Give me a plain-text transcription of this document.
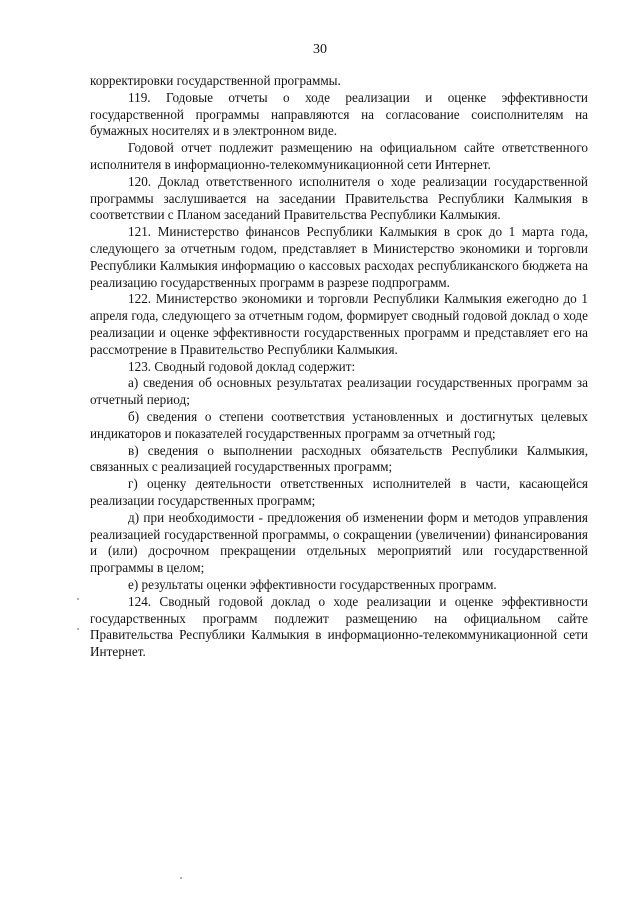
30

корректировки государственной программы.

119. Годовые отчеты о ходе реализации и оценке эффективности государственной программы направляются на согласование соисполнителям на бумажных носителях и в электронном виде.

Годовой отчет подлежит размещению на официальном сайте ответственного исполнителя в информационно-телекоммуникационной сети Интернет.

120. Доклад ответственного исполнителя о ходе реализации государственной программы заслушивается на заседании Правительства Республики Калмыкия в соответствии с Планом заседаний Правительства Республики Калмыкия.

121. Министерство финансов Республики Калмыкия в срок до 1 марта года, следующего за отчетным годом, представляет в Министерство экономики и торговли Республики Калмыкия информацию о кассовых расходах республиканского бюджета на реализацию государственных программ в разрезе подпрограмм.

122. Министерство экономики и торговли Республики Калмыкия ежегодно до 1 апреля года, следующего за отчетным годом, формирует сводный годовой доклад о ходе реализации и оценке эффективности государственных программ и представляет его на рассмотрение в Правительство Республики Калмыкия.

123. Сводный годовой доклад содержит:

а) сведения об основных результатах реализации государственных программ за отчетный период;

б) сведения о степени соответствия установленных и достигнутых целевых индикаторов и показателей государственных программ за отчетный год;

в) сведения о выполнении расходных обязательств Республики Калмыкия, связанных с реализацией государственных программ;

г) оценку деятельности ответственных исполнителей в части, касающейся реализации государственных программ;

д) при необходимости - предложения об изменении форм и методов управления реализацией государственной программы, о сокращении (увеличении) финансирования и (или) досрочном прекращении отдельных мероприятий или государственной программы в целом;

е) результаты оценки эффективности государственных программ.

124. Сводный годовой доклад о ходе реализации и оценке эффективности государственных программ подлежит размещению на официальном сайте Правительства Республики Калмыкия в информационно-телекоммуникационной сети Интернет.
